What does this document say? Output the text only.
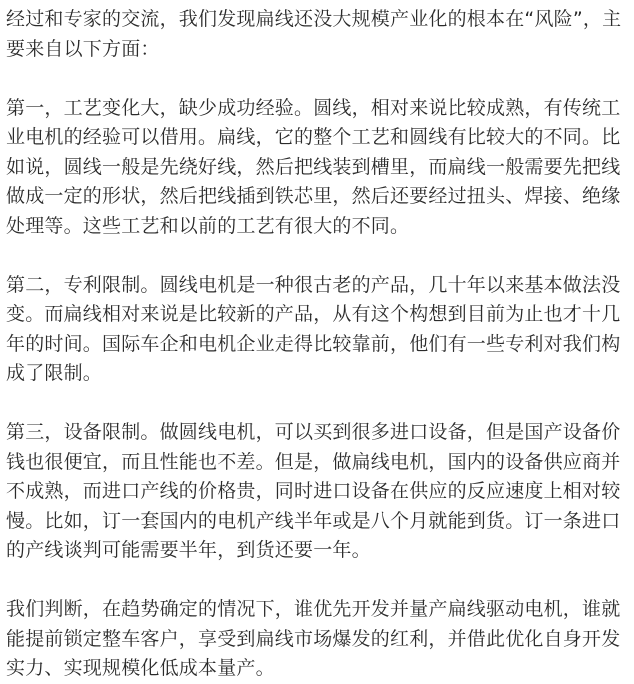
经过和专家的交流，我们发现扁线还没大规模产业化的根本在“风险”，主要来自以下方面：

第一，工艺变化大，缺少成功经验。圆线，相对来说比较成熟，有传统工业电机的经验可以借用。扁线，它的整个工艺和圆线有比较大的不同。比如说，圆线一般是先绕好线，然后把线装到槽里，而扁线一般需要先把线做成一定的形状，然后把线插到铁芯里，然后还要经过扭头、焊接、绝缘处理等。这些工艺和以前的工艺有很大的不同。

第二，专利限制。圆线电机是一种很古老的产品，几十年以来基本做法没变。而扁线相对来说是比较新的产品，从有这个构想到目前为止也才十几年的时间。国际车企和电机企业走得比较靠前，他们有一些专利对我们构成了限制。

第三，设备限制。做圆线电机，可以买到很多进口设备，但是国产设备价钱也很便宜，而且性能也不差。但是，做扁线电机，国内的设备供应商并不成熟，而进口产线的价格贵，同时进口设备在供应的反应速度上相对较慢。比如，订一套国内的电机产线半年或是八个月就能到货。订一条进口的产线谈判可能需要半年，到货还要一年。

我们判断，在趋势确定的情况下，谁优先开发并量产扁线驱动电机，谁就能提前锁定整车客户，享受到扁线市场爆发的红利，并借此优化自身开发实力、实现规模化低成本量产。
